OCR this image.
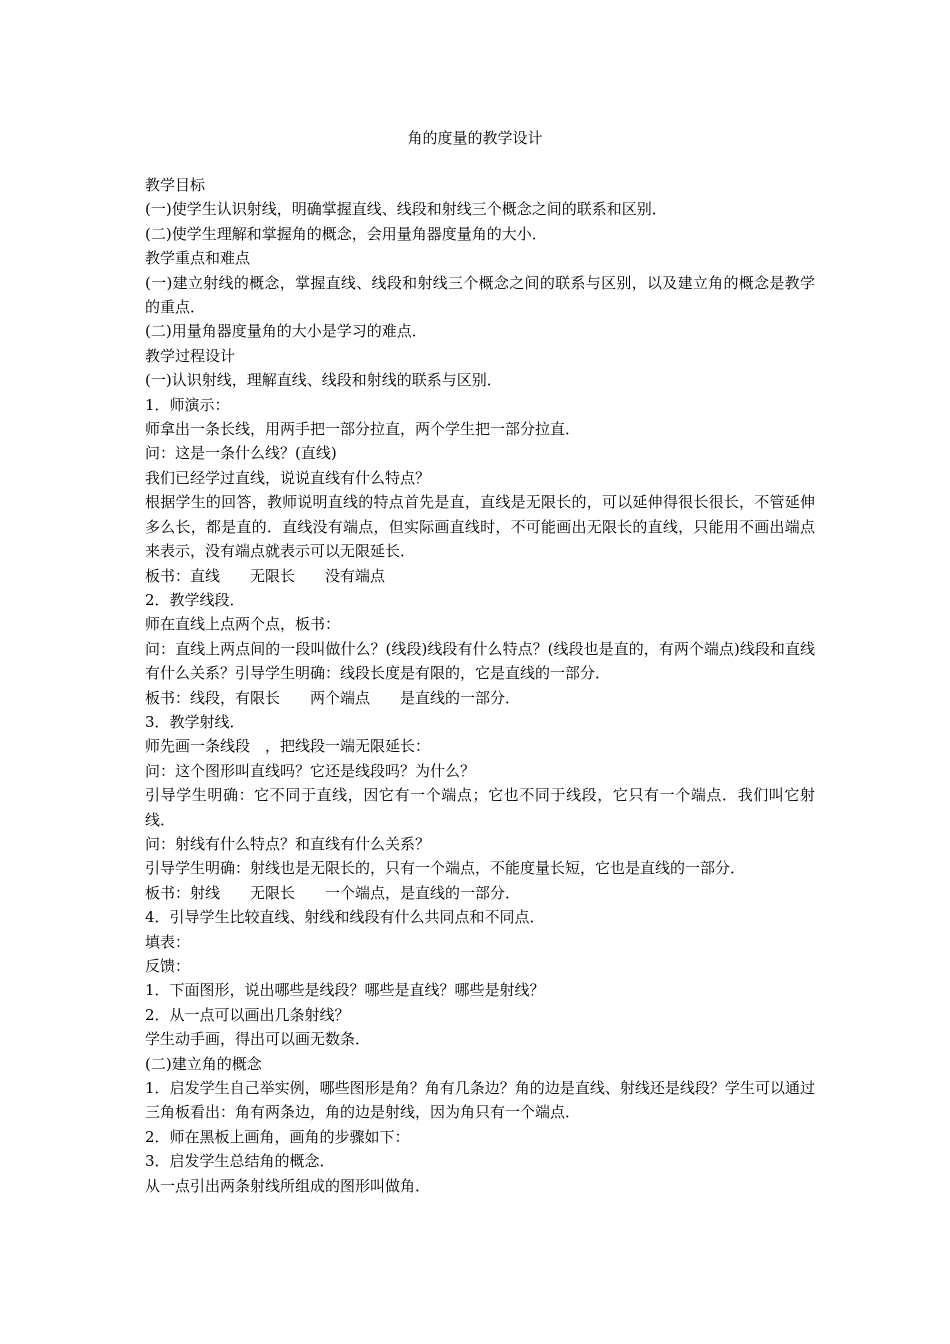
角的度量的教学设计

教学目标

(一)使学生认识射线，明确掌握直线、线段和射线三个概念之间的联系和区别．

(二)使学生理解和掌握角的概念，会用量角器度量角的大小．

教学重点和难点

(一)建立射线的概念，掌握直线、线段和射线三个概念之间的联系与区别，以及建立角的概念是教学的重点．

(二)用量角器度量角的大小是学习的难点．

教学过程设计

(一)认识射线，理解直线、线段和射线的联系与区别．

1．师演示：

师拿出一条长线，用两手把一部分拉直，两个学生把一部分拉直．

问：这是一条什么线？(直线)

我们已经学过直线，说说直线有什么特点？

根据学生的回答，教师说明直线的特点首先是直，直线是无限长的，可以延伸得很长很长，不管延伸多么长，都是直的．直线没有端点，但实际画直线时，不可能画出无限长的直线，只能用不画出端点来表示，没有端点就表示可以无限延长．

板书：直线　　无限长　　没有端点

2．教学线段．

师在直线上点两个点，板书：

问：直线上两点间的一段叫做什么？(线段)线段有什么特点？(线段也是直的，有两个端点)线段和直线有什么关系？引导学生明确：线段长度是有限的，它是直线的一部分．

板书：线段，有限长　　两个端点　　是直线的一部分．

3．教学射线．

师先画一条线段　，把线段一端无限延长：

问：这个图形叫直线吗？它还是线段吗？为什么？

引导学生明确：它不同于直线，因它有一个端点；它也不同于线段，它只有一个端点．我们叫它射线．

问：射线有什么特点？和直线有什么关系？

引导学生明确：射线也是无限长的，只有一个端点，不能度量长短，它也是直线的一部分．

板书：射线　　无限长　　一个端点，是直线的一部分．

4．引导学生比较直线、射线和线段有什么共同点和不同点．

填表：

反馈：

1．下面图形，说出哪些是线段？哪些是直线？哪些是射线？

2．从一点可以画出几条射线？

学生动手画，得出可以画无数条．

(二)建立角的概念

1．启发学生自己举实例，哪些图形是角？角有几条边？角的边是直线、射线还是线段？学生可以通过三角板看出：角有两条边，角的边是射线，因为角只有一个端点．

2．师在黑板上画角，画角的步骤如下：

3．启发学生总结角的概念．

从一点引出两条射线所组成的图形叫做角．
